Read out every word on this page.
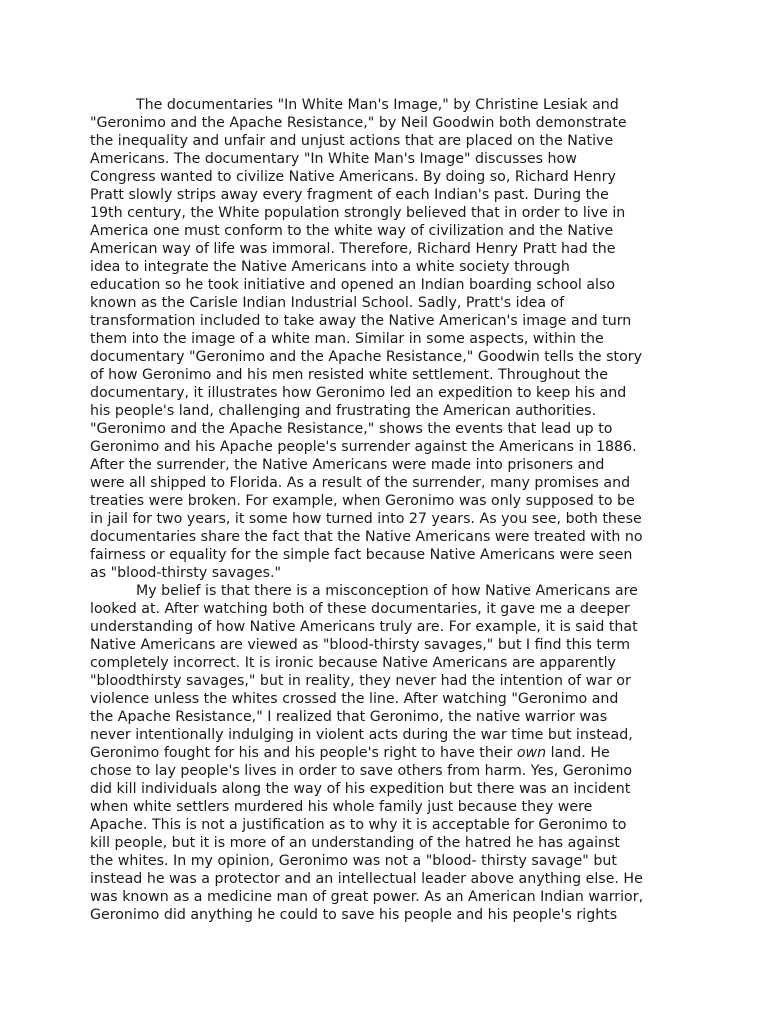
The documentaries "In White Man's Image," by Christine Lesiak and
"Geronimo and the Apache Resistance," by Neil Goodwin both demonstrate
the inequality and unfair and unjust actions that are placed on the Native
Americans. The documentary "In White Man's Image" discusses how
Congress wanted to civilize Native Americans. By doing so, Richard Henry
Pratt slowly strips away every fragment of each Indian's past. During the
19th century, the White population strongly believed that in order to live in
America one must conform to the white way of civilization and the Native
American way of life was immoral. Therefore, Richard Henry Pratt had the
idea to integrate the Native Americans into a white society through
education so he took initiative and opened an Indian boarding school also
known as the Carisle Indian Industrial School. Sadly, Pratt's idea of
transformation included to take away the Native American's image and turn
them into the image of a white man. Similar in some aspects, within the
documentary "Geronimo and the Apache Resistance," Goodwin tells the story
of how Geronimo and his men resisted white settlement. Throughout the
documentary, it illustrates how Geronimo led an expedition to keep his and
his people's land, challenging and frustrating the American authorities.
"Geronimo and the Apache Resistance," shows the events that lead up to
Geronimo and his Apache people's surrender against the Americans in 1886.
After the surrender, the Native Americans were made into prisoners and
were all shipped to Florida. As a result of the surrender, many promises and
treaties were broken. For example, when Geronimo was only supposed to be
in jail for two years, it some how turned into 27 years. As you see, both these
documentaries share the fact that the Native Americans were treated with no
fairness or equality for the simple fact because Native Americans were seen
as "blood-thirsty savages."

My belief is that there is a misconception of how Native Americans are
looked at. After watching both of these documentaries, it gave me a deeper
understanding of how Native Americans truly are. For example, it is said that
Native Americans are viewed as "blood-thirsty savages," but I find this term
completely incorrect. It is ironic because Native Americans are apparently
"bloodthirsty savages," but in reality, they never had the intention of war or
violence unless the whites crossed the line. After watching "Geronimo and
the Apache Resistance," I realized that Geronimo, the native warrior was
never intentionally indulging in violent acts during the war time but instead,
Geronimo fought for his and his people's right to have their own land. He
chose to lay people's lives in order to save others from harm. Yes, Geronimo
did kill individuals along the way of his expedition but there was an incident
when white settlers murdered his whole family just because they were
Apache. This is not a justification as to why it is acceptable for Geronimo to
kill people, but it is more of an understanding of the hatred he has against
the whites. In my opinion, Geronimo was not a "blood- thirsty savage" but
instead he was a protector and an intellectual leader above anything else. He
was known as a medicine man of great power. As an American Indian warrior,
Geronimo did anything he could to save his people and his people's rights
